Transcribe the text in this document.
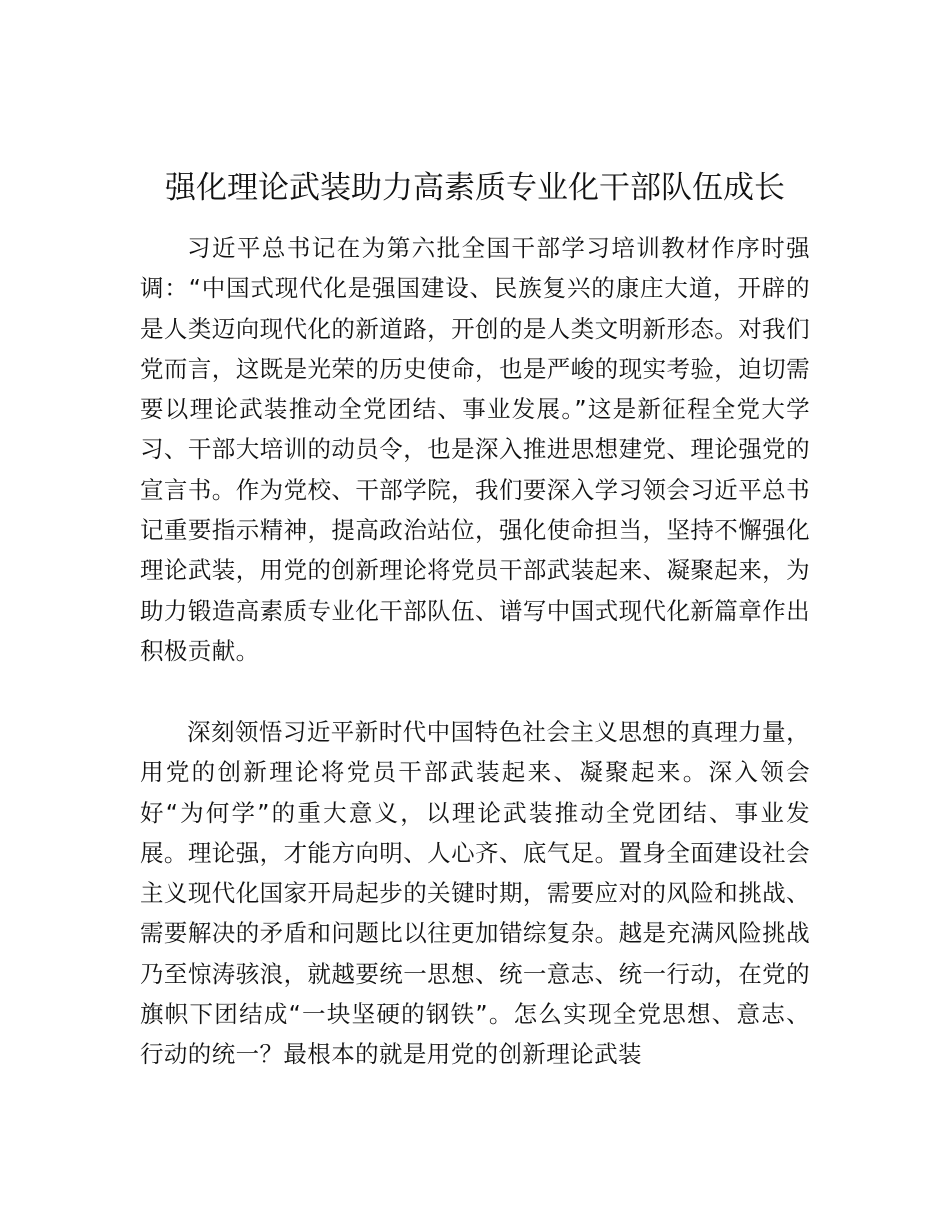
强化理论武装助力高素质专业化干部队伍成长

习近平总书记在为第六批全国干部学习培训教材作序时强调：“中国式现代化是强国建设、民族复兴的康庄大道，开辟的是人类迈向现代化的新道路，开创的是人类文明新形态。对我们党而言，这既是光荣的历史使命，也是严峻的现实考验，迫切需要以理论武装推动全党团结、事业发展。”这是新征程全党大学习、干部大培训的动员令，也是深入推进思想建党、理论强党的宣言书。作为党校、干部学院，我们要深入学习领会习近平总书记重要指示精神，提高政治站位，强化使命担当，坚持不懈强化理论武装，用党的创新理论将党员干部武装起来、凝聚起来，为助力锻造高素质专业化干部队伍、谱写中国式现代化新篇章作出积极贡献。

深刻领悟习近平新时代中国特色社会主义思想的真理力量，用党的创新理论将党员干部武装起来、凝聚起来。深入领会好“为何学”的重大意义，以理论武装推动全党团结、事业发展。理论强，才能方向明、人心齐、底气足。置身全面建设社会主义现代化国家开局起步的关键时期，需要应对的风险和挑战、需要解决的矛盾和问题比以往更加错综复杂。越是充满风险挑战乃至惊涛骇浪，就越要统一思想、统一意志、统一行动，在党的旗帜下团结成“一块坚硬的钢铁”。怎么实现全党思想、意志、行动的统一？最根本的就是用党的创新理论武装
